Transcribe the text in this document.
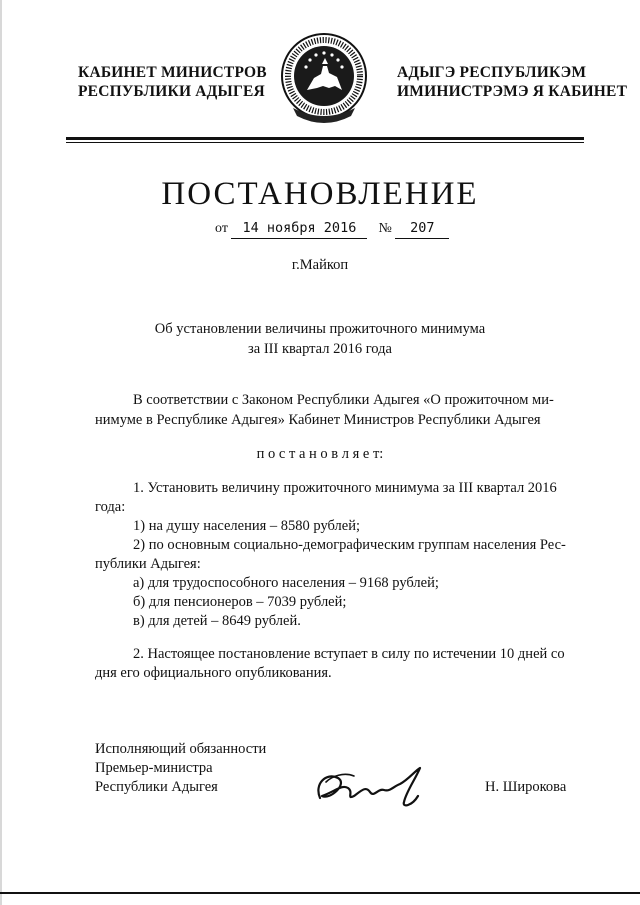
КАБИНЕТ МИНИСТРОВ
РЕСПУБЛИКИ АДЫГЕЯ
АДЫГЭ РЕСПУБЛИКЭМ
ИМИНИСТРЭМЭ Я КАБИНЕТ
ПОСТАНОВЛЕНИЕ
от 14 ноября 2016 № 207
г.Майкоп
Об установлении величины прожиточного минимума
за III квартал 2016 года
В соответствии с Законом Республики Адыгея «О прожиточном ми-
нимуме в Республике Адыгея» Кабинет Министров Республики Адыгея
п о с т а н о в л я е т:
1. Установить величину прожиточного минимума за III квартал 2016
года:
1) на душу населения – 8580 рублей;
2) по основным социально-демографическим группам населения Рес-
публики Адыгея:
а) для трудоспособного населения – 9168 рублей;
б) для пенсионеров – 7039 рублей;
в) для детей – 8649 рублей.
2. Настоящее постановление вступает в силу по истечении 10 дней со
дня его официального опубликования.
Исполняющий обязанности
Премьер-министра
Республики Адыгея	Н. Широкова
